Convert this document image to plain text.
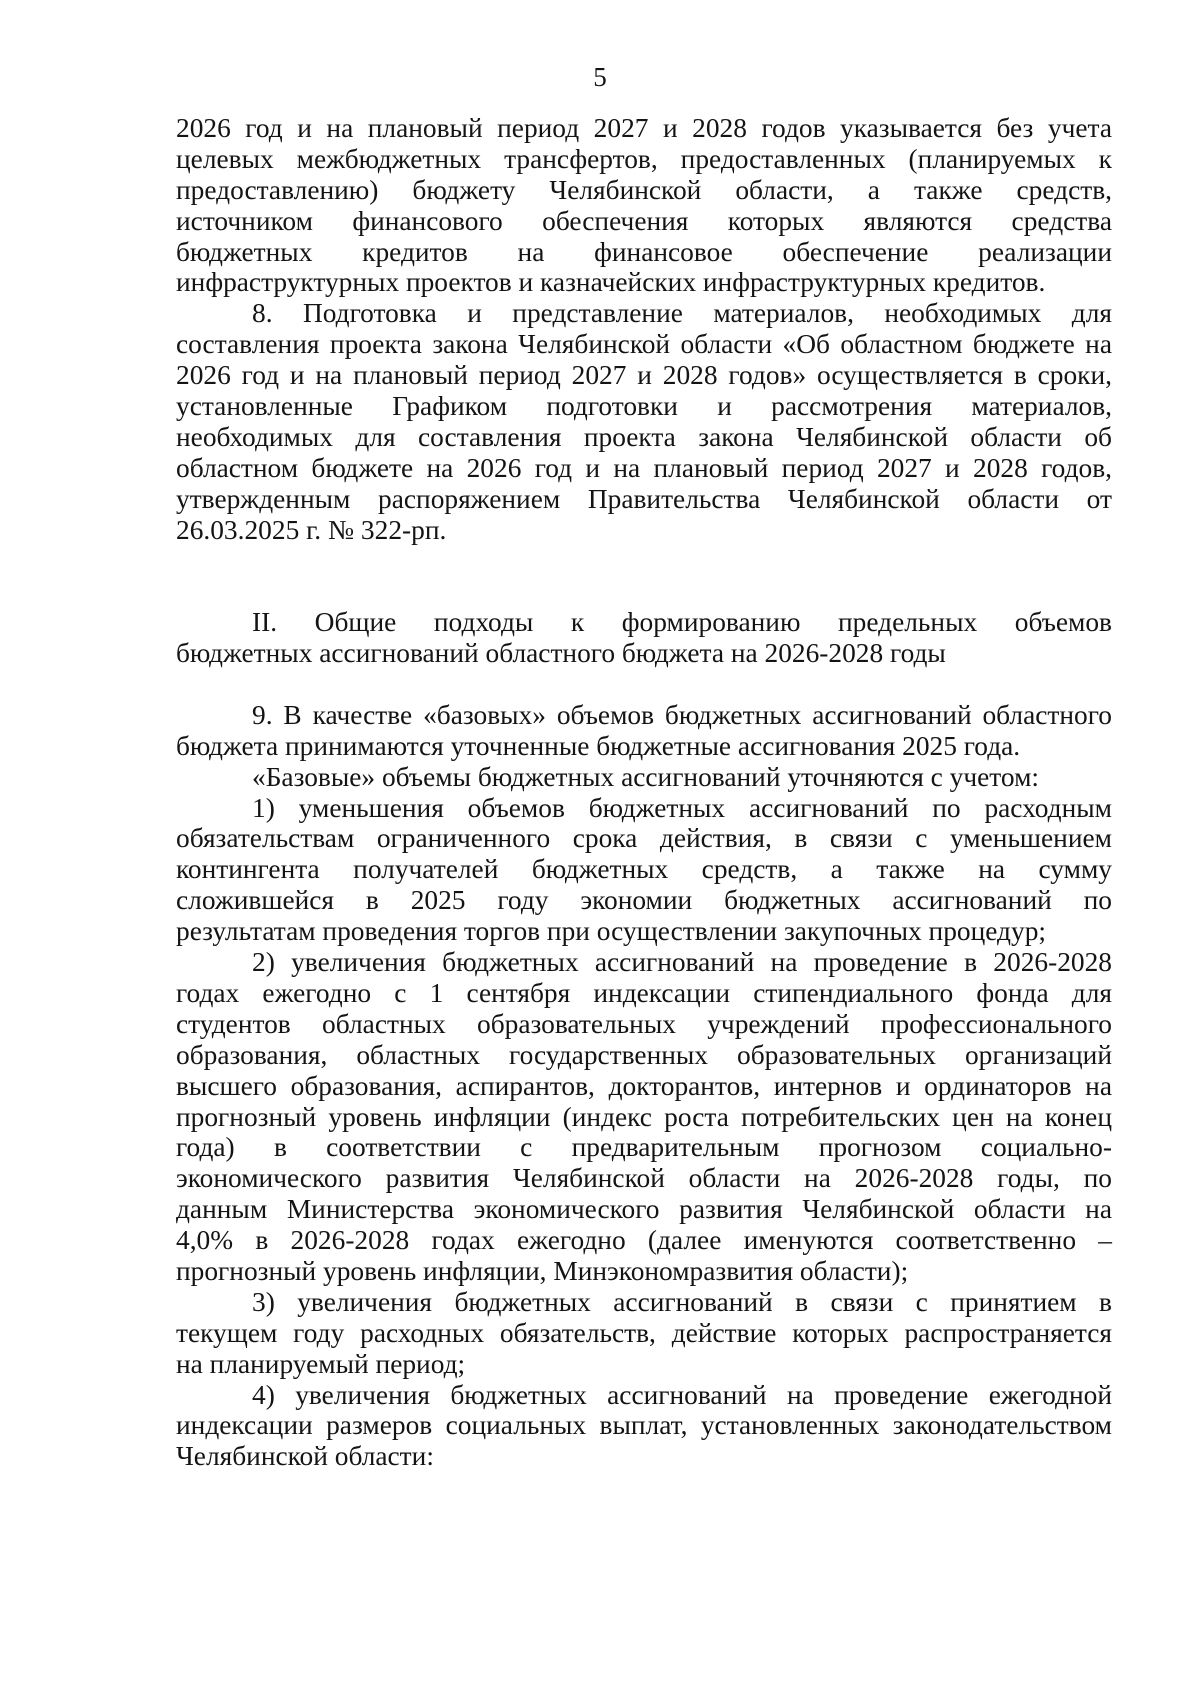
5
2026 год и на плановый период 2027 и 2028 годов указывается без учета
целевых межбюджетных трансфертов, предоставленных (планируемых к
предоставлению) бюджету Челябинской области, а также средств,
источником финансового обеспечения которых являются средства
бюджетных кредитов на финансовое обеспечение реализации
инфраструктурных проектов и казначейских инфраструктурных кредитов.
8. Подготовка и представление материалов, необходимых для
составления проекта закона Челябинской области «Об областном бюджете на
2026 год и на плановый период 2027 и 2028 годов» осуществляется в сроки,
установленные Графиком подготовки и рассмотрения материалов,
необходимых для составления проекта закона Челябинской области об
областном бюджете на 2026 год и на плановый период 2027 и 2028 годов,
утвержденным распоряжением Правительства Челябинской области от
26.03.2025 г. № 322-рп.
II. Общие подходы к формированию предельных объемов
бюджетных ассигнований областного бюджета на 2026-2028 годы
9. В качестве «базовых» объемов бюджетных ассигнований областного
бюджета принимаются уточненные бюджетные ассигнования 2025 года.
«Базовые» объемы бюджетных ассигнований уточняются с учетом:
1) уменьшения объемов бюджетных ассигнований по расходным
обязательствам ограниченного срока действия, в связи с уменьшением
контингента получателей бюджетных средств, а также на сумму
сложившейся в 2025 году экономии бюджетных ассигнований по
результатам проведения торгов при осуществлении закупочных процедур;
2) увеличения бюджетных ассигнований на проведение в 2026-2028
годах ежегодно с 1 сентября индексации стипендиального фонда для
студентов областных образовательных учреждений профессионального
образования, областных государственных образовательных организаций
высшего образования, аспирантов, докторантов, интернов и ординаторов на
прогнозный уровень инфляции (индекс роста потребительских цен на конец
года) в соответствии с предварительным прогнозом социально-
экономического развития Челябинской области на 2026-2028 годы, по
данным Министерства экономического развития Челябинской области на
4,0% в 2026-2028 годах ежегодно (далее именуются соответственно –
прогнозный уровень инфляции, Минэкономразвития области);
3) увеличения бюджетных ассигнований в связи с принятием в
текущем году расходных обязательств, действие которых распространяется
на планируемый период;
4) увеличения бюджетных ассигнований на проведение ежегодной
индексации размеров социальных выплат, установленных законодательством
Челябинской области:
